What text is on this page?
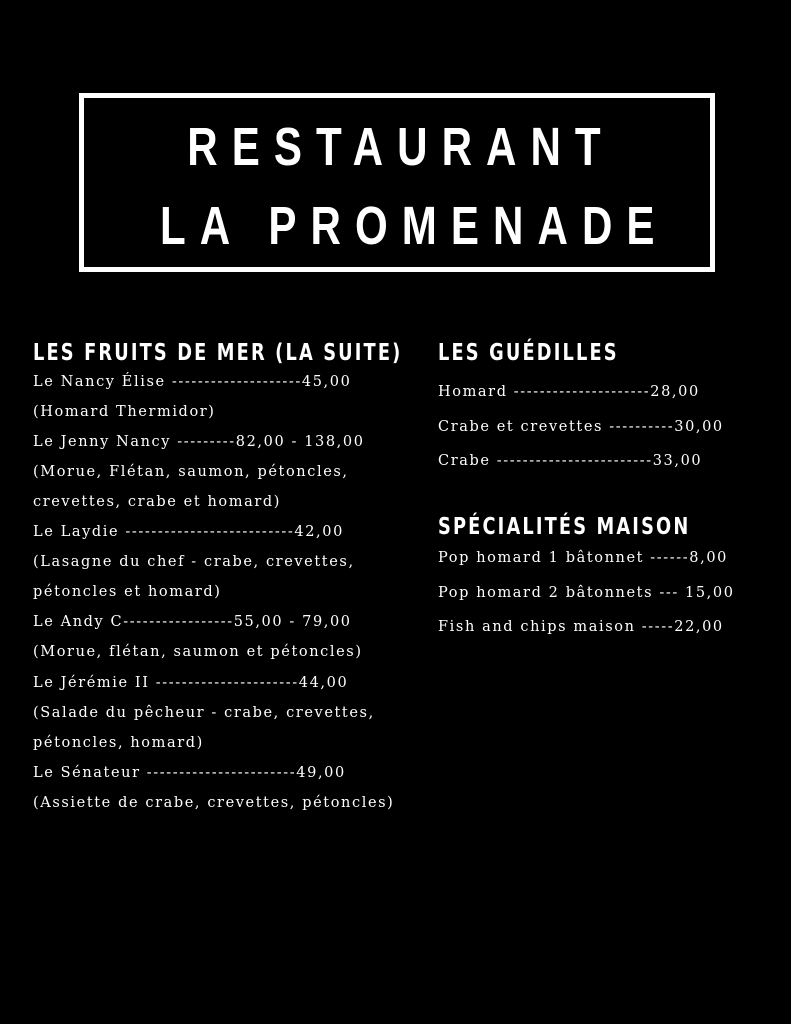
RESTAURANT
LA PROMENADE
LES FRUITS DE MER (LA SUITE)
Le Nancy Élise --------------------45,00
(Homard Thermidor)
Le Jenny Nancy ---------82,00 - 138,00
(Morue, Flétan, saumon, pétoncles,
crevettes, crabe et homard)
Le Laydie --------------------------42,00
(Lasagne du chef - crabe, crevettes,
pétoncles et homard)
Le Andy C-----------------55,00 - 79,00
(Morue, flétan, saumon et pétoncles)
Le Jérémie II ----------------------44,00
(Salade du pêcheur - crabe, crevettes,
pétoncles, homard)
Le Sénateur -----------------------49,00
(Assiette de crabe, crevettes, pétoncles)
LES GUÉDILLES
Homard ---------------------28,00
Crabe et crevettes ----------30,00
Crabe ------------------------33,00
SPÉCIALITÉS MAISON
Pop homard 1 bâtonnet ------8,00
Pop homard 2 bâtonnets --- 15,00
Fish and chips maison -----22,00
